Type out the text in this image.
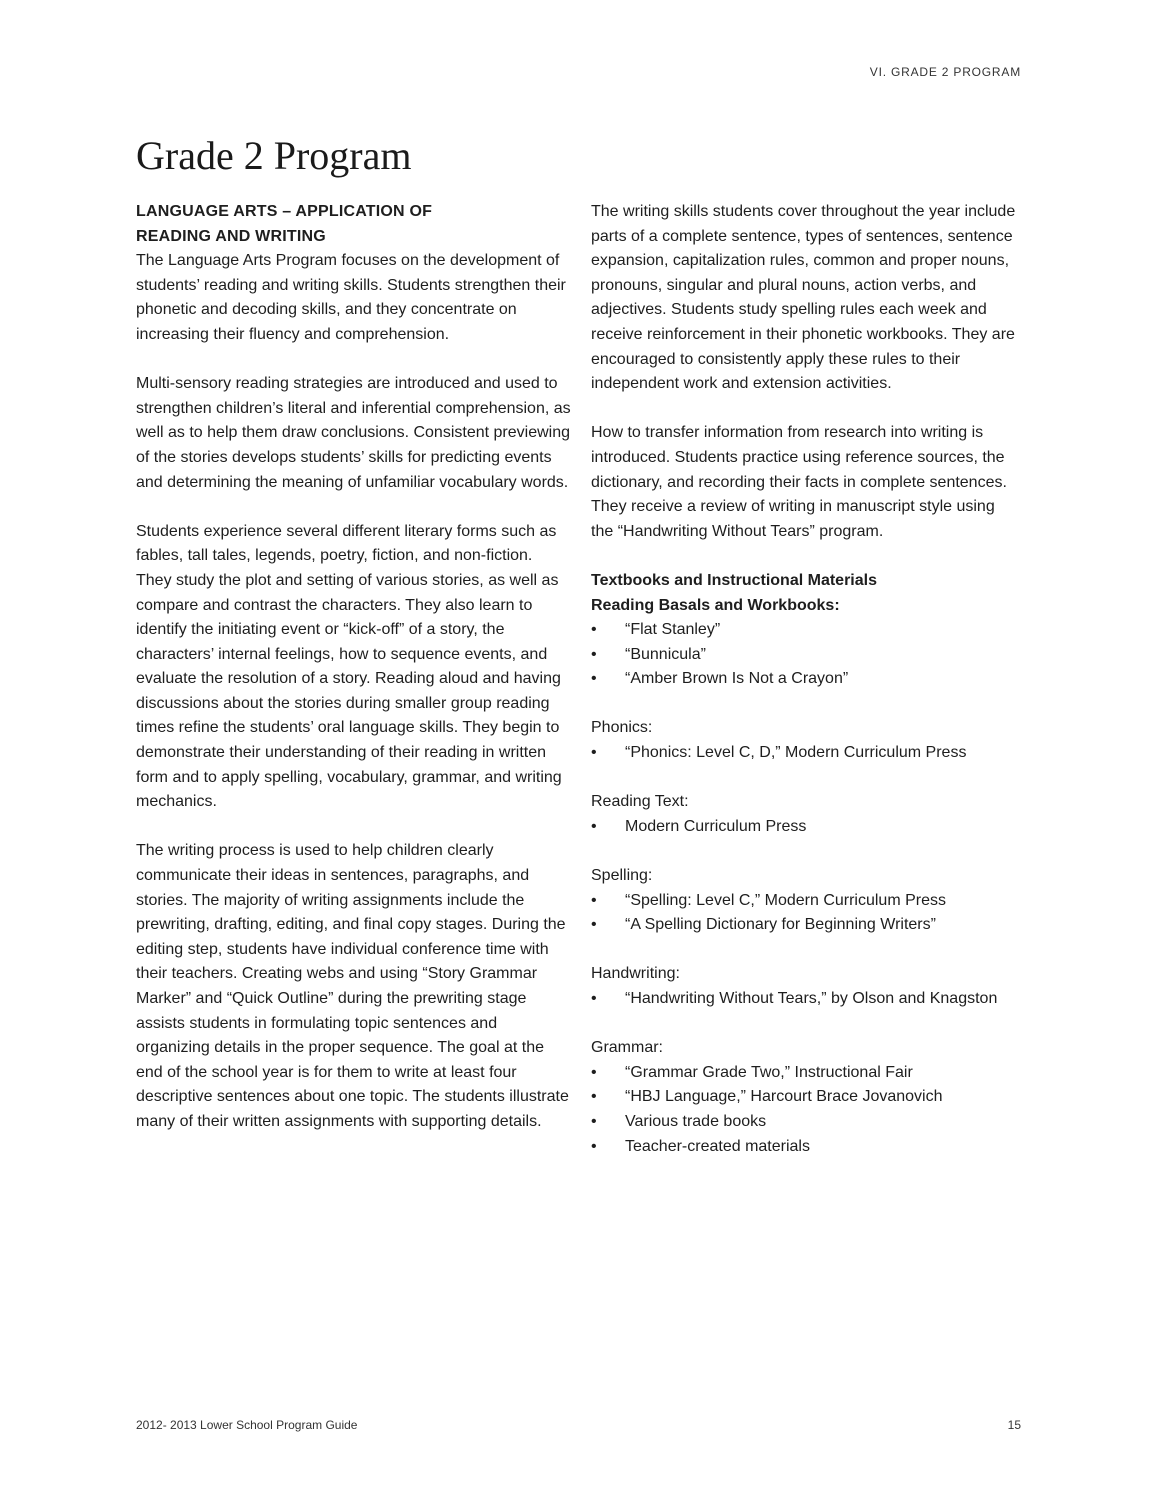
VI. GRADE 2 PROGRAM
Grade 2 Program
LANGUAGE ARTS – APPLICATION OF
READING AND WRITING

The Language Arts Program focuses on the development of students’ reading and writing skills. Students strengthen their phonetic and decoding skills, and they concentrate on increasing their fluency and comprehension.

Multi-sensory reading strategies are introduced and used to strengthen children’s literal and inferential comprehension, as well as to help them draw conclusions. Consistent previewing of the stories develops students’ skills for predicting events and determining the meaning of unfamiliar vocabulary words.

Students experience several different literary forms such as fables, tall tales, legends, poetry, fiction, and non-fiction. They study the plot and setting of various stories, as well as compare and contrast the characters. They also learn to identify the initiating event or “kick-off” of a story, the characters’ internal feelings, how to sequence events, and evaluate the resolution of a story. Reading aloud and having discussions about the stories during smaller group reading times refine the students’ oral language skills. They begin to demonstrate their understanding of their reading in written form and to apply spelling, vocabulary, grammar, and writing mechanics.

The writing process is used to help children clearly communicate their ideas in sentences, paragraphs, and stories. The majority of writing assignments include the prewriting, drafting, editing, and final copy stages. During the editing step, students have individual conference time with their teachers. Creating webs and using “Story Grammar Marker” and “Quick Outline” during the prewriting stage assists students in formulating topic sentences and organizing details in the proper sequence. The goal at the end of the school year is for them to write at least four descriptive sentences about one topic. The students illustrate many of their written assignments with supporting details.

The writing skills students cover throughout the year include parts of a complete sentence, types of sentences, sentence expansion, capitalization rules, common and proper nouns, pronouns, singular and plural nouns, action verbs, and adjectives. Students study spelling rules each week and receive reinforcement in their phonetic workbooks. They are encouraged to consistently apply these rules to their independent work and extension activities.

How to transfer information from research into writing is introduced. Students practice using reference sources, the dictionary, and recording their facts in complete sentences. They receive a review of writing in manuscript style using the “Handwriting Without Tears” program.

Textbooks and Instructional Materials
Reading Basals and Workbooks:
• “Flat Stanley”
• “Bunnicula”
• “Amber Brown Is Not a Crayon”
Phonics:
• “Phonics: Level C, D,” Modern Curriculum Press
Reading Text:
• Modern Curriculum Press
Spelling:
• “Spelling: Level C,” Modern Curriculum Press
• “A Spelling Dictionary for Beginning Writers”
Handwriting:
• “Handwriting Without Tears,” by Olson and Knagston
Grammar:
• “Grammar Grade Two,” Instructional Fair
• “HBJ Language,” Harcourt Brace Jovanovich
• Various trade books
• Teacher-created materials
2012- 2013 Lower School Program Guide	15
